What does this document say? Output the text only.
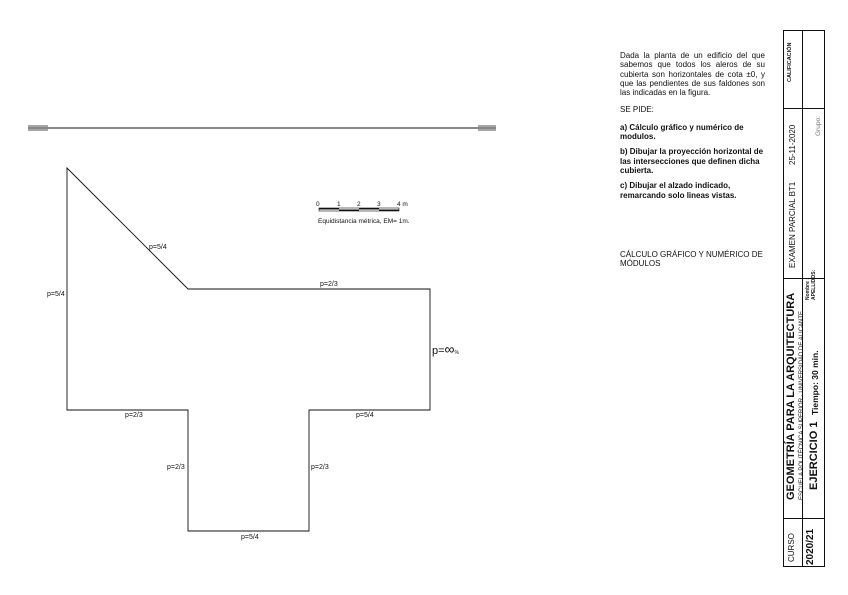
p=5/4
p=5/4
p=2/3
p=∞%
p=2/3	p=5/4
p=2/3	p=2/3
p=5/4
0	1	2	3	4 m
Equidistancia métrica, EM= 1m.

Dada la planta de un edificio del que sabemos que todos los aleros de su cubierta son horizontales de cota ±0, y que las pendientes de sus faldones son las indicadas en la figura.

SE PIDE:

a) Cálculo gráfico y numérico de modulos.

b) Dibujar la proyección horizontal de las intersecciones que definen dicha cubierta.

c) Dibujar el alzado indicado, remarcando solo lineas vistas.

CÁLCULO GRÁFICO Y NUMÉRICO DE MÓDULOS

CURSO 2020/21
GEOMETRÍA PARA LA ARQUITECTURA ESCUELA POLITÉCNICA SUPERIOR · UNIVERSIDAD DE ALICANTE EJERCICIO 1
Tiempo: 30 min.
Nombre : APELLIDOS:
EXAMEN PARCIAL BT1
25-11-2020
CALIFICACIÓN
Grupo:
